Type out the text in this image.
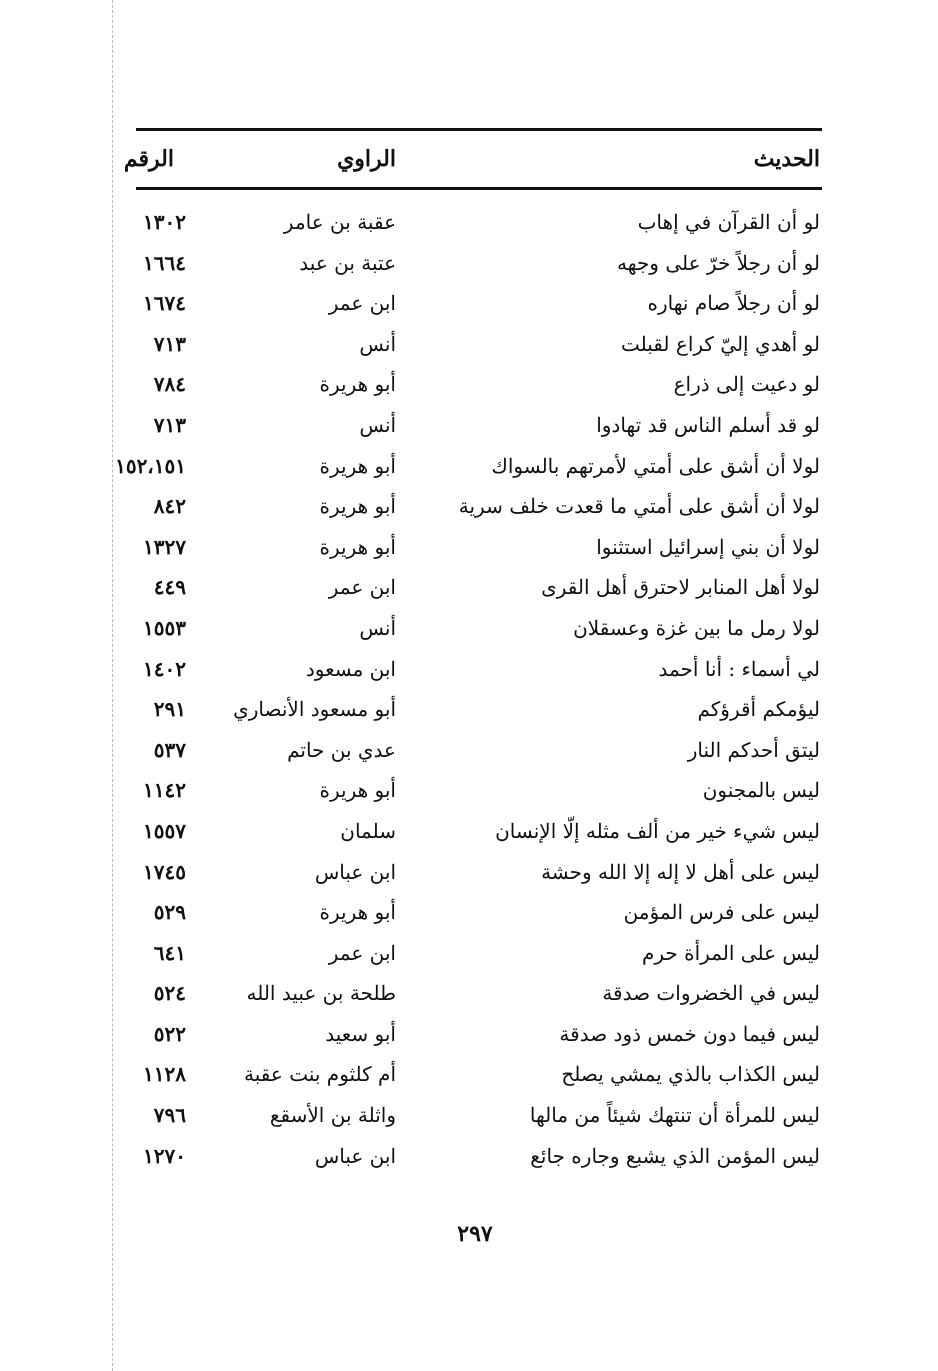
الحديث
الراوي
الرقم
لو أن القرآن في إهاب
عقبة بن عامر
١٣٠٢
لو أن رجلاً خرّ على وجهه
عتبة بن عبد
١٦٦٤
لو أن رجلاً صام نهاره
ابن عمر
١٦٧٤
لو أهدي إليّ كراع لقبلت
أنس
٧١٣
لو دعيت إلى ذراع
أبو هريرة
٧٨٤
لو قد أسلم الناس قد تهادوا
أنس
٧١٣
لولا أن أشق على أمتي لأمرتهم بالسواك
أبو هريرة
١٥٢،١٥١
لولا أن أشق على أمتي ما قعدت خلف سرية
أبو هريرة
٨٤٢
لولا أن بني إسرائيل استثنوا
أبو هريرة
١٣٢٧
لولا أهل المنابر لاحترق أهل القرى
ابن عمر
٤٤٩
لولا رمل ما بين غزة وعسقلان
أنس
١٥٥٣
لي أسماء : أنا أحمد
ابن مسعود
١٤٠٢
ليؤمكم أقرؤكم
أبو مسعود الأنصاري
٢٩١
ليتق أحدكم النار
عدي بن حاتم
٥٣٧
ليس بالمجنون
أبو هريرة
١١٤٢
ليس شيء خير من ألف مثله إلّا الإنسان
سلمان
١٥٥٧
ليس على أهل لا إله إلا الله وحشة
ابن عباس
١٧٤٥
ليس على فرس المؤمن
أبو هريرة
٥٢٩
ليس على المرأة حرم
ابن عمر
٦٤١
ليس في الخضروات صدقة
طلحة بن عبيد الله
٥٢٤
ليس فيما دون خمس ذود صدقة
أبو سعيد
٥٢٢
ليس الكذاب بالذي يمشي يصلح
أم كلثوم بنت عقبة
١١٢٨
ليس للمرأة أن تنتهك شيئاً من مالها
واثلة بن الأسقع
٧٩٦
ليس المؤمن الذي يشبع وجاره جائع
ابن عباس
١٢٧٠
٢٩٧
